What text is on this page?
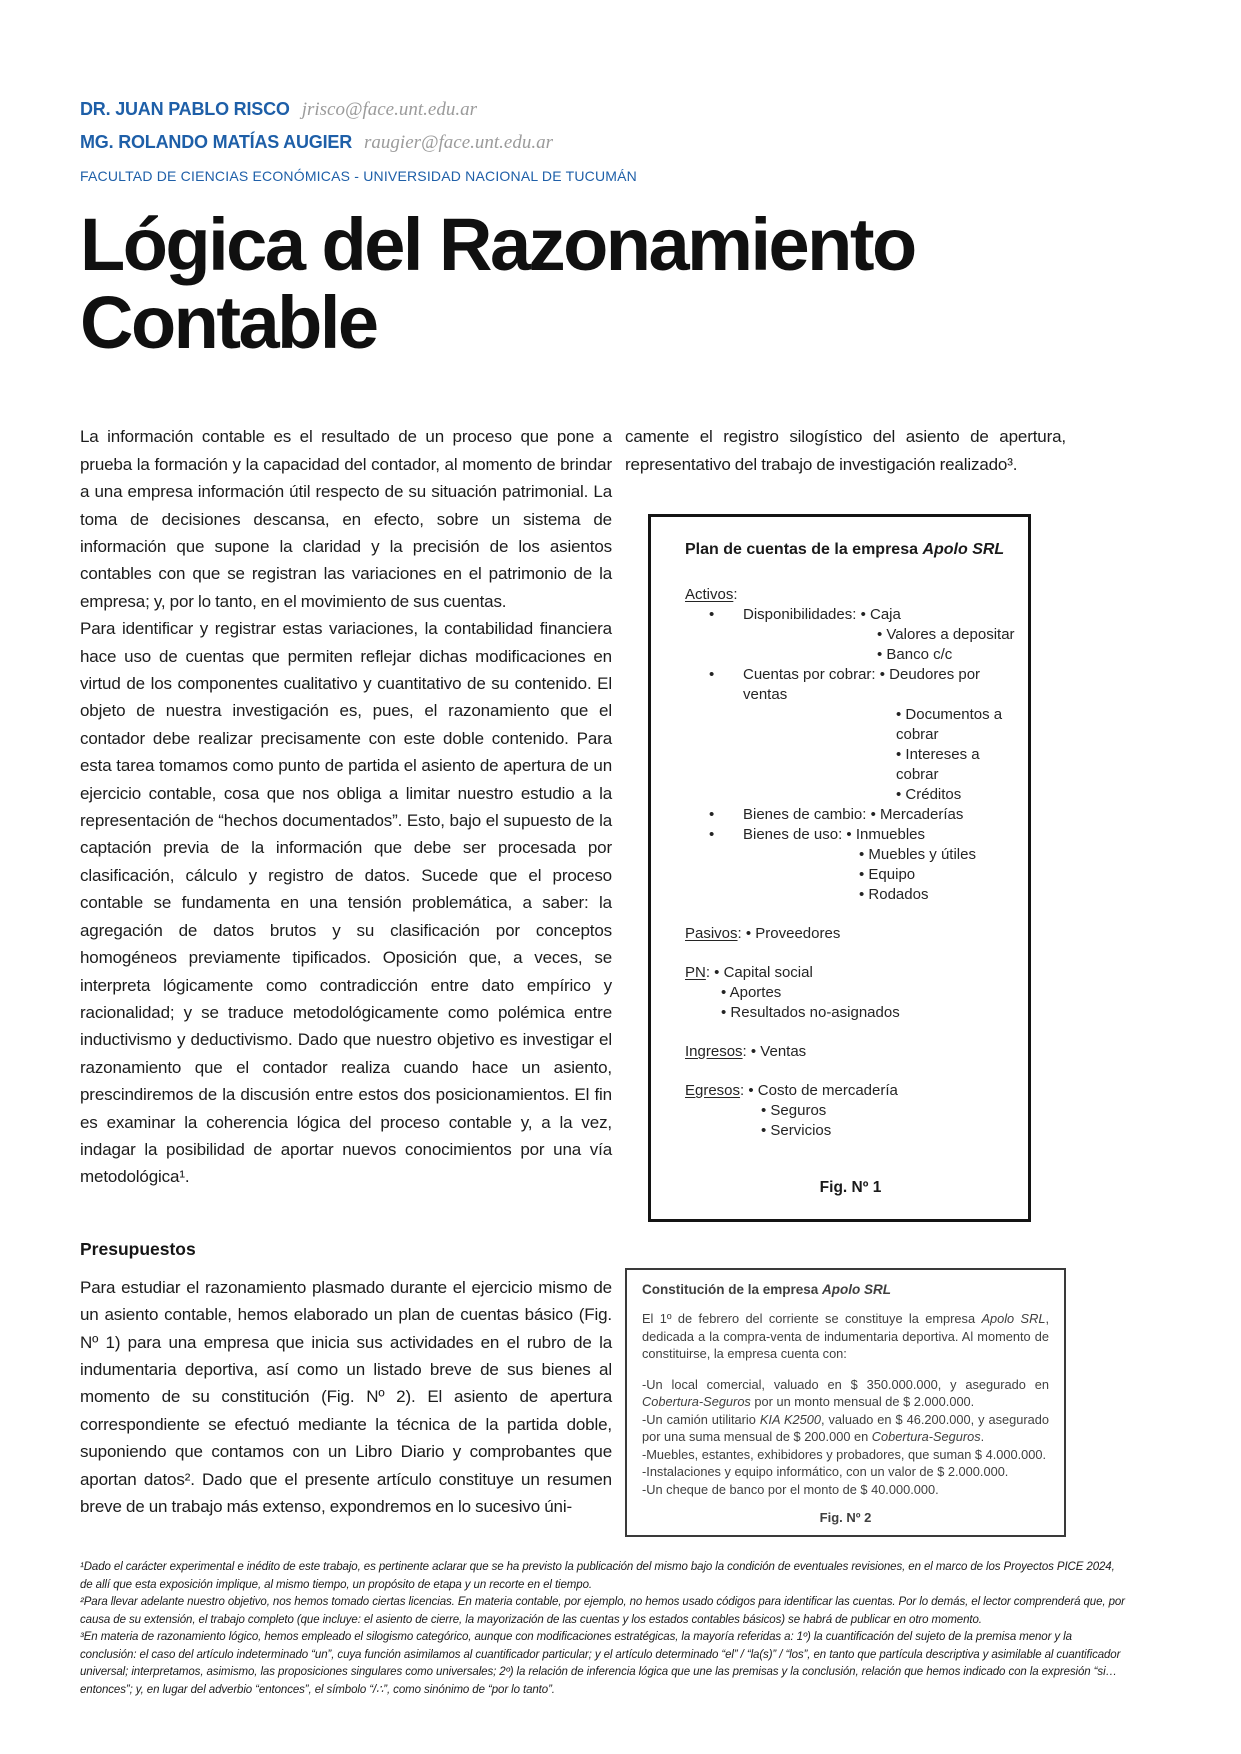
DR. JUAN PABLO RISCO jrisco@face.unt.edu.ar
MG. ROLANDO MATÍAS AUGIER raugier@face.unt.edu.ar
FACULTAD DE CIENCIAS ECONÓMICAS - UNIVERSIDAD NACIONAL DE TUCUMÁN
Lógica del Razonamiento Contable

La información contable es el resultado de un proceso que pone a prueba la formación y la capacidad del contador, al momento de brindar a una empresa información útil respecto de su situación patrimonial. La toma de decisiones descansa, en efecto, sobre un sistema de información que supone la claridad y la precisión de los asientos contables con que se registran las variaciones en el patrimonio de la empresa; y, por lo tanto, en el movimiento de sus cuentas.

Para identificar y registrar estas variaciones, la contabilidad financiera hace uso de cuentas que permiten reflejar dichas modificaciones en virtud de los componentes cualitativo y cuantitativo de su contenido. El objeto de nuestra investigación es, pues, el razonamiento que el contador debe realizar precisamente con este doble contenido. Para esta tarea tomamos como punto de partida el asiento de apertura de un ejercicio contable, cosa que nos obliga a limitar nuestro estudio a la representación de “hechos documentados”. Esto, bajo el supuesto de la captación previa de la información que debe ser procesada por clasificación, cálculo y registro de datos. Sucede que el proceso contable se fundamenta en una tensión problemática, a saber: la agregación de datos brutos y su clasificación por conceptos homogéneos previamente tipificados. Oposición que, a veces, se interpreta lógicamente como contradicción entre dato empírico y racionalidad; y se traduce metodológicamente como polémica entre inductivismo y deductivismo. Dado que nuestro objetivo es investigar el razonamiento que el contador realiza cuando hace un asiento, prescindiremos de la discusión entre estos dos posicionamientos. El fin es examinar la coherencia lógica del proceso contable y, a la vez, indagar la posibilidad de aportar nuevos conocimientos por una vía metodológica¹.

Presupuestos

Para estudiar el razonamiento plasmado durante el ejercicio mismo de un asiento contable, hemos elaborado un plan de cuentas básico (Fig. Nº 1) para una empresa que inicia sus actividades en el rubro de la indumentaria deportiva, así como un listado breve de sus bienes al momento de su constitución (Fig. Nº 2). El asiento de apertura correspondiente se efectuó mediante la técnica de la partida doble, suponiendo que contamos con un Libro Diario y comprobantes que aportan datos². Dado que el presente artículo constituye un resumen breve de un trabajo más extenso, expondremos en lo sucesivo úni-

camente el registro silogístico del asiento de apertura, representativo del trabajo de investigación realizado³.

Plan de cuentas de la empresa Apolo SRL
Activos:
•	Disponibilidades: • Caja
• Valores a depositar
• Banco c/c
•	Cuentas por cobrar: • Deudores por ventas
• Documentos a cobrar
• Intereses a cobrar
• Créditos
•	Bienes de cambio: • Mercaderías
•	Bienes de uso: • Inmuebles
• Muebles y útiles
• Equipo
• Rodados
Pasivos: • Proveedores
PN: • Capital social
• Aportes
• Resultados no-asignados
Ingresos: • Ventas
Egresos: • Costo de mercadería
• Seguros
• Servicios
Fig. Nº 1
Constitución de la empresa Apolo SRL
El 1º de febrero del corriente se constituye la empresa Apolo SRL, dedicada a la compra-venta de indumentaria deportiva. Al momento de constituirse, la empresa cuenta con:
-Un local comercial, valuado en $ 350.000.000, y asegurado en Cobertura-Seguros por un monto mensual de $ 2.000.000.
-Un camión utilitario KIA K2500, valuado en $ 46.200.000, y asegurado por una suma mensual de $ 200.000 en Cobertura-Seguros.
-Muebles, estantes, exhibidores y probadores, que suman $ 4.000.000.
-Instalaciones y equipo informático, con un valor de $ 2.000.000.
-Un cheque de banco por el monto de $ 40.000.000.
Fig. Nº 2

¹Dado el carácter experimental e inédito de este trabajo, es pertinente aclarar que se ha previsto la publicación del mismo bajo la condición de eventuales revisiones, en el marco de los Proyectos PICE 2024, de allí que esta exposición implique, al mismo tiempo, un propósito de etapa y un recorte en el tiempo.

²Para llevar adelante nuestro objetivo, nos hemos tomado ciertas licencias. En materia contable, por ejemplo, no hemos usado códigos para identificar las cuentas. Por lo demás, el lector comprenderá que, por causa de su extensión, el trabajo completo (que incluye: el asiento de cierre, la mayorización de las cuentas y los estados contables básicos) se habrá de publicar en otro momento.

³En materia de razonamiento lógico, hemos empleado el silogismo categórico, aunque con modificaciones estratégicas, la mayoría referidas a: 1º) la cuantificación del sujeto de la premisa menor y la conclusión: el caso del artículo indeterminado “un”, cuya función asimilamos al cuantificador particular; y el artículo determinado “el” / “la(s)” / “los”, en tanto que partícula descriptiva y asimilable al cuantificador universal; interpretamos, asimismo, las proposiciones singulares como universales; 2º) la relación de inferencia lógica que une las premisas y la conclusión, relación que hemos indicado con la expresión “si…entonces”; y, en lugar del adverbio “entonces”, el símbolo “/∴”, como sinónimo de “por lo tanto”.
